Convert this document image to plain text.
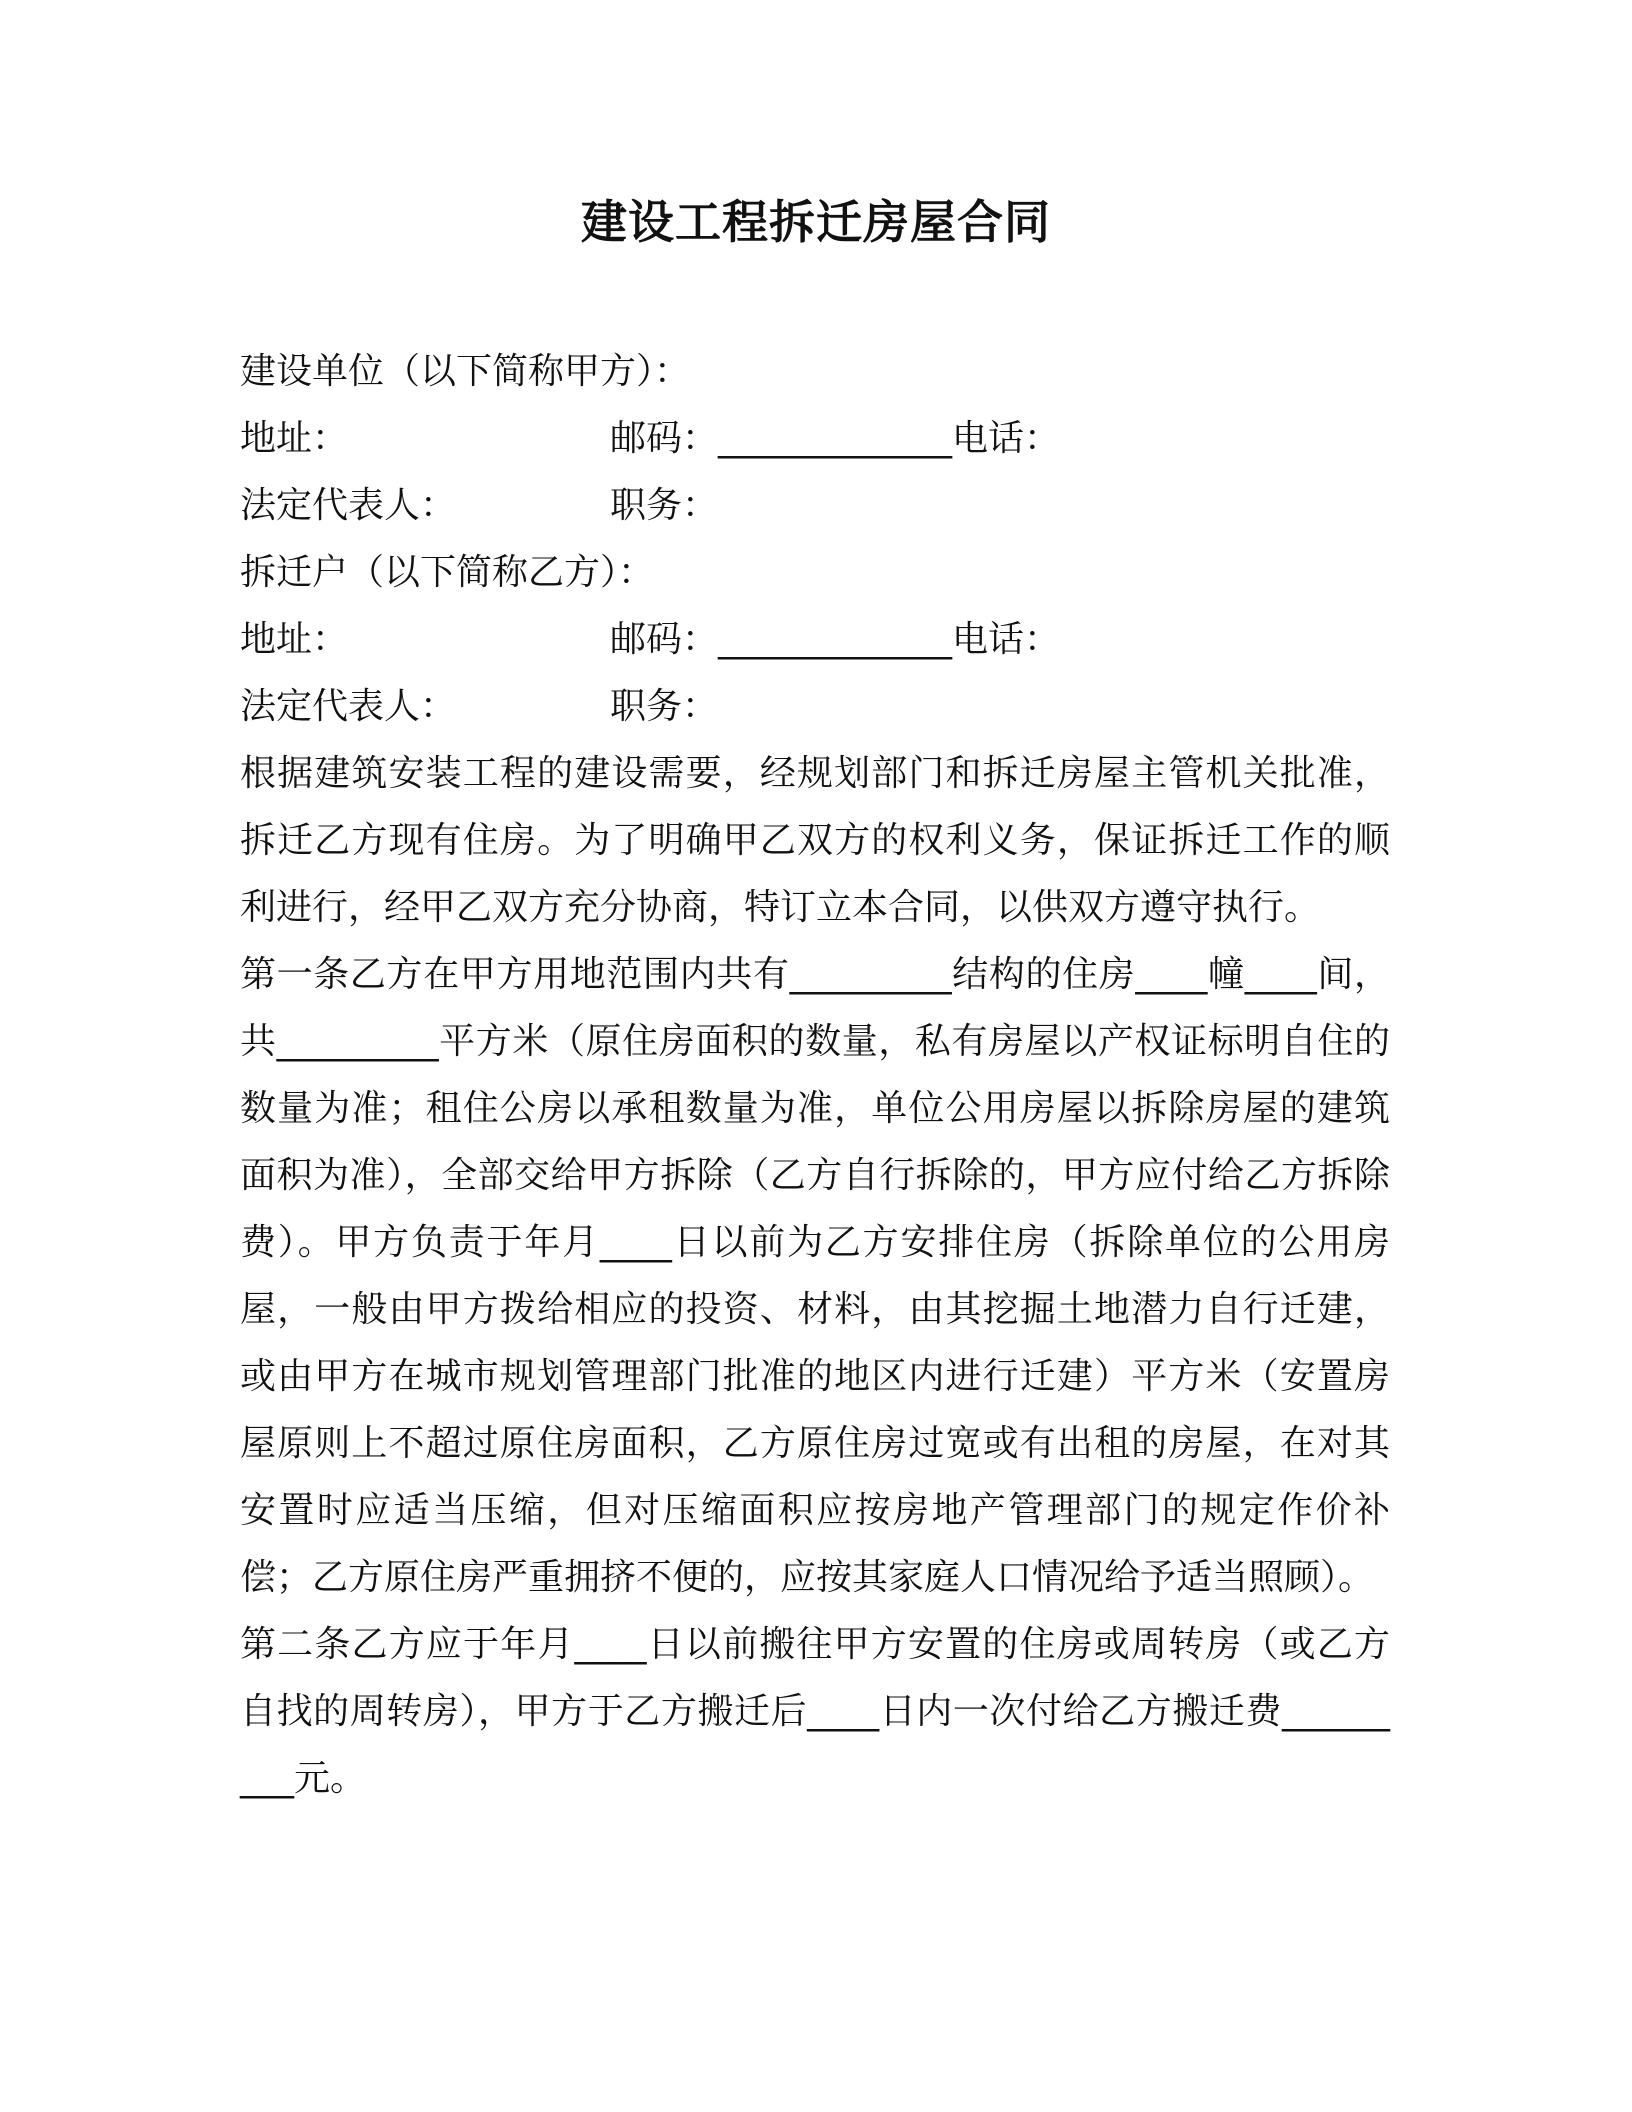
建设工程拆迁房屋合同
建设单位（以下简称甲方）：
地址：	邮码：_____________电话：
法定代表人：	职务：
拆迁户（以下简称乙方）：
地址：	邮码：_____________电话：
法定代表人：	职务：
根据建筑安装工程的建设需要，经规划部门和拆迁房屋主管机关批准，拆迁乙方现有住房。为了明确甲乙双方的权利义务，保证拆迁工作的顺利进行，经甲乙双方充分协商，特订立本合同，以供双方遵守执行。
第一条乙方在甲方用地范围内共有_________结构的住房____幢____间，共_________平方米（原住房面积的数量，私有房屋以产权证标明自住的数量为准；租住公房以承租数量为准，单位公用房屋以拆除房屋的建筑面积为准），全部交给甲方拆除（乙方自行拆除的，甲方应付给乙方拆除费）。甲方负责于年月____日以前为乙方安排住房（拆除单位的公用房屋，一般由甲方拨给相应的投资、材料，由其挖掘土地潜力自行迁建，或由甲方在城市规划管理部门批准的地区内进行迁建）平方米（安置房屋原则上不超过原住房面积，乙方原住房过宽或有出租的房屋，在对其安置时应适当压缩，但对压缩面积应按房地产管理部门的规定作价补偿；乙方原住房严重拥挤不便的，应按其家庭人口情况给予适当照顾）。
第二条乙方应于年月____日以前搬往甲方安置的住房或周转房（或乙方自找的周转房），甲方于乙方搬迁后____日内一次付给乙方搬迁费_________元。
